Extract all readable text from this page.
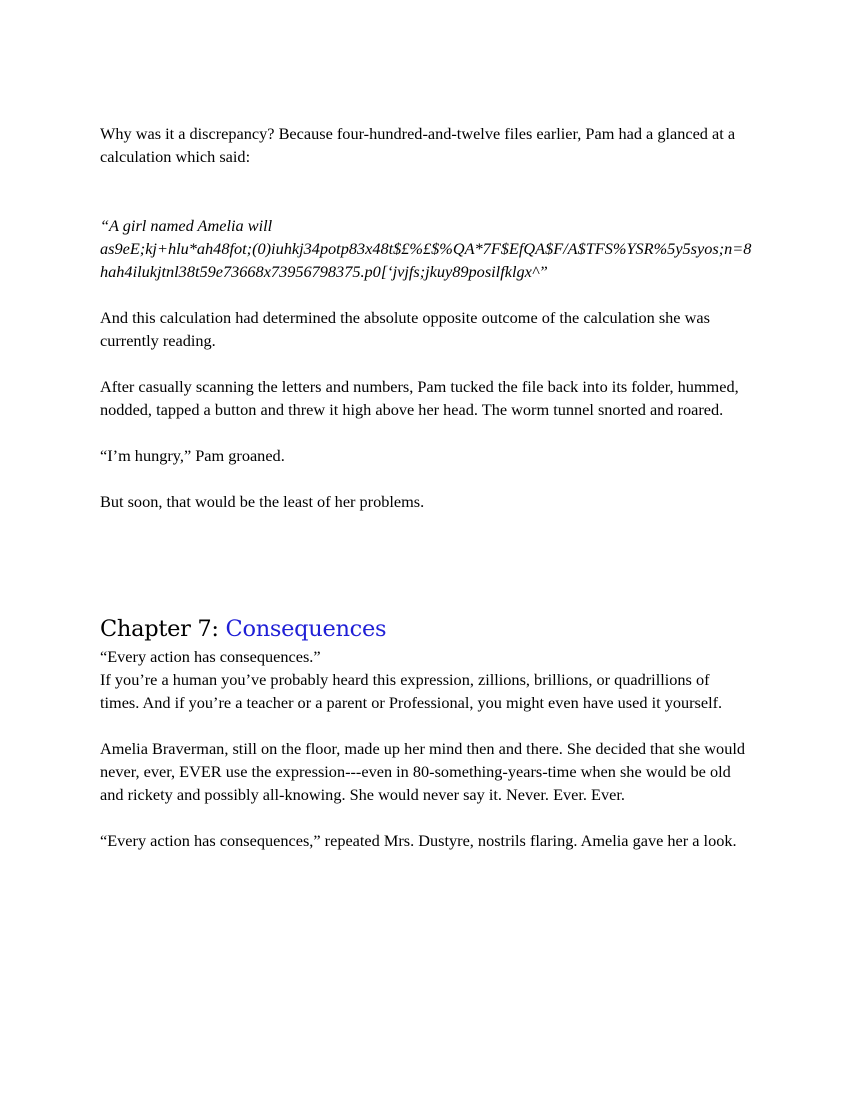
Why was it a discrepancy? Because four-hundred-and-twelve files earlier, Pam had a glanced at a calculation which said:

“A girl named Amelia will

as9eE;kj+hlu*ah48fot;(0)iuhkj34potp83x48t$£%£$%QA*7F$EfQA$F/A$TFS%YSR%5y5syos;n=8hah4ilukjtnl38t59e73668x73956798375.p0[‘jvjfs;jkuy89posilfklgx^”

And this calculation had determined the absolute opposite outcome of the calculation she was currently reading.

After casually scanning the letters and numbers, Pam tucked the file back into its folder, hummed, nodded, tapped a button and threw it high above her head. The worm tunnel snorted and roared.

“I’m hungry,” Pam groaned.

But soon, that would be the least of her problems.

Chapter 7: Consequences

“Every action has consequences.”

If you’re a human you’ve probably heard this expression, zillions, brillions, or quadrillions of times. And if you’re a teacher or a parent or Professional, you might even have used it yourself.

Amelia Braverman, still on the floor, made up her mind then and there. She decided that she would never, ever, EVER use the expression---even in 80-something-years-time when she would be old and rickety and possibly all-knowing. She would never say it. Never. Ever. Ever.

“Every action has consequences,” repeated Mrs. Dustyre, nostrils flaring. Amelia gave her a look.
